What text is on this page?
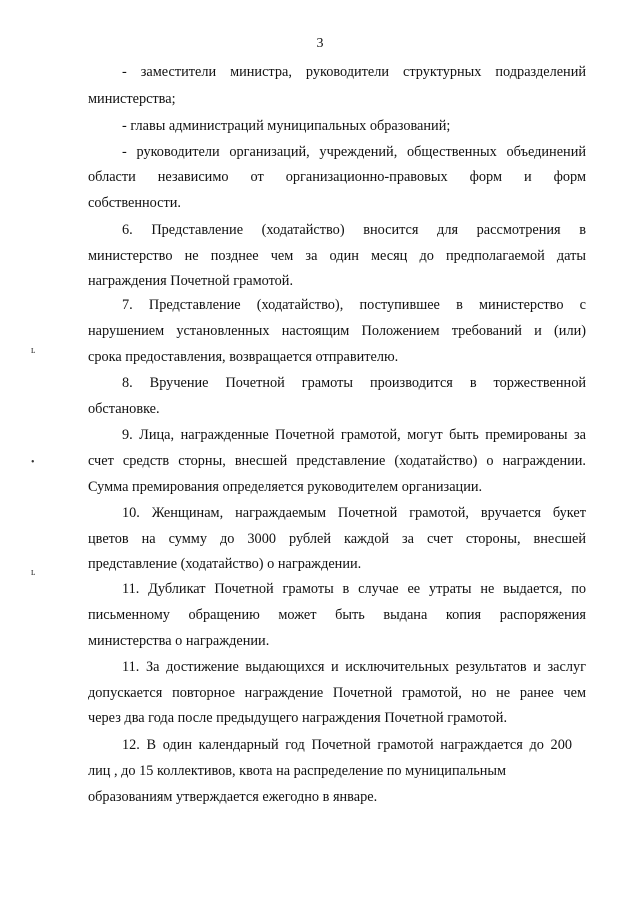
3
- заместители министра, руководители структурных подразделений
министерства;
- главы администраций муниципальных образований;
- руководители организаций, учреждений, общественных объединений
области независимо от организационно-правовых форм и форм
собственности.
6. Представление (ходатайство) вносится для рассмотрения в
министерство не позднее чем за один месяц до предполагаемой даты
награждения Почетной грамотой.
7. Представление (ходатайство), поступившее в министерство с
нарушением установленных настоящим Положением требований и (или)
срока предоставления, возвращается отправителю.
8. Вручение Почетной грамоты производится в торжественной
обстановке.
9. Лица, награжденные Почетной грамотой, могут быть премированы за
счет средств сторны, внесшей представление (ходатайство) о награждении.
Сумма премирования определяется руководителем организации.
10. Женщинам, награждаемым Почетной грамотой, вручается букет
цветов на сумму до 3000 рублей каждой за счет стороны, внесшей
представление (ходатайство) о награждении.
11. Дубликат Почетной грамоты в случае ее утраты не выдается, по
письменному обращению может быть выдана копия распоряжения
министерства о награждении.
11. За достижение выдающихся и исключительных результатов и заслуг
допускается повторное награждение Почетной грамотой, но не ранее чем
через два года после предыдущего награждения Почетной грамотой.
12. В один календарный год Почетной грамотой награждается до 200
лиц , до 15 коллективов, квота на распределение по муниципальным
образованиям утверждается ежегодно в январе.
ʟ
•
ʟ
